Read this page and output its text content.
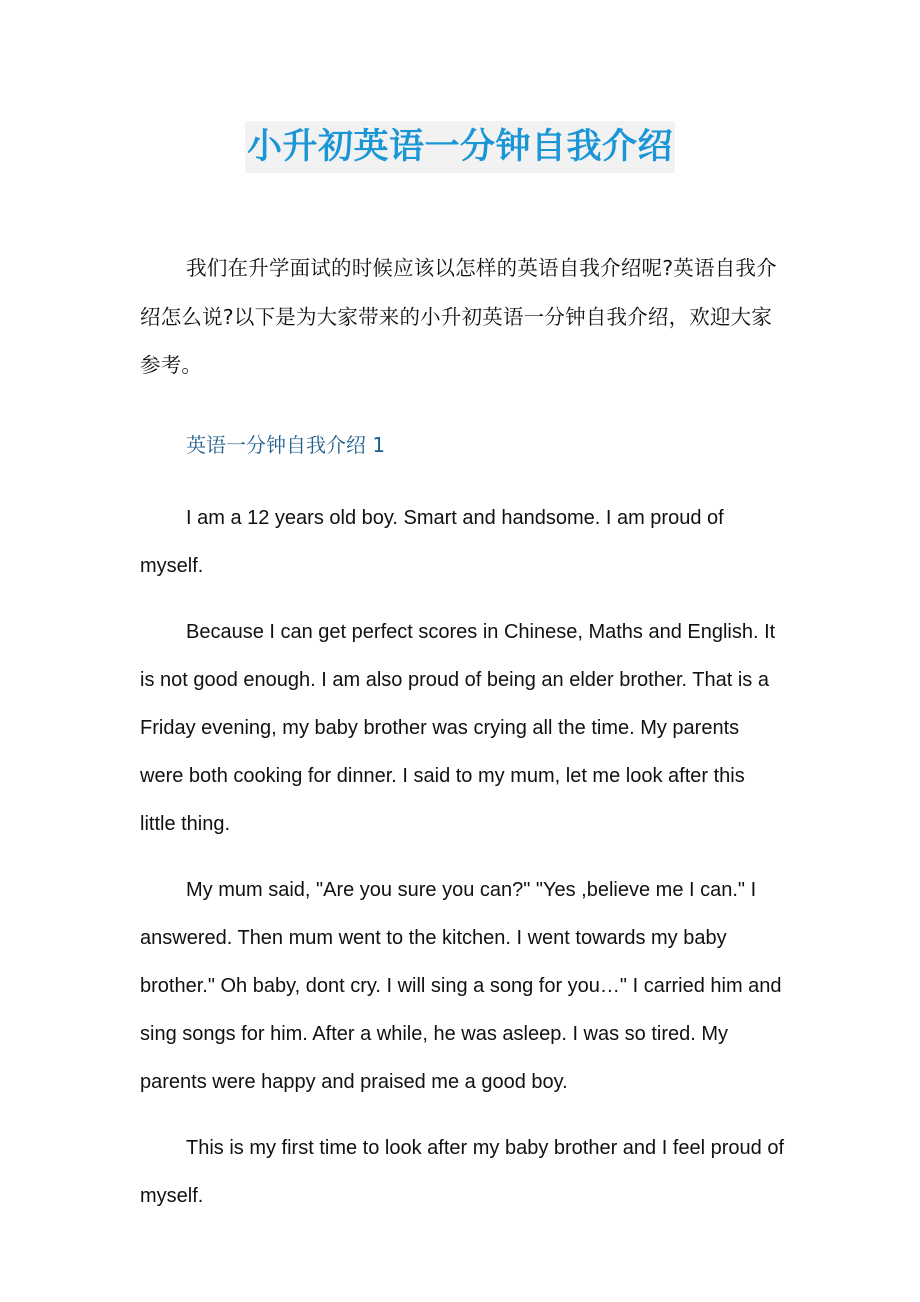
小升初英语一分钟自我介绍

我们在升学面试的时候应该以怎样的英语自我介绍呢?英语自我介绍怎么说?以下是为大家带来的小升初英语一分钟自我介绍，欢迎大家参考。

英语一分钟自我介绍 1

I am a 12 years old boy. Smart and handsome. I am proud of myself.

Because I can get perfect scores in Chinese, Maths and English. It is not good enough. I am also proud of being an elder brother. That is a Friday evening, my baby brother was crying all the time. My parents were both cooking for dinner. I said to my mum, let me look after this little thing.

My mum said, "Are you sure you can?" "Yes ,believe me I can." I answered. Then mum went to the kitchen. I went towards my baby brother." Oh baby, dont cry. I will sing a song for you…" I carried him and sing songs for him. After a while, he was asleep. I was so tired. My parents were happy and praised me a good boy.

This is my first time to look after my baby brother and I feel proud of myself.
